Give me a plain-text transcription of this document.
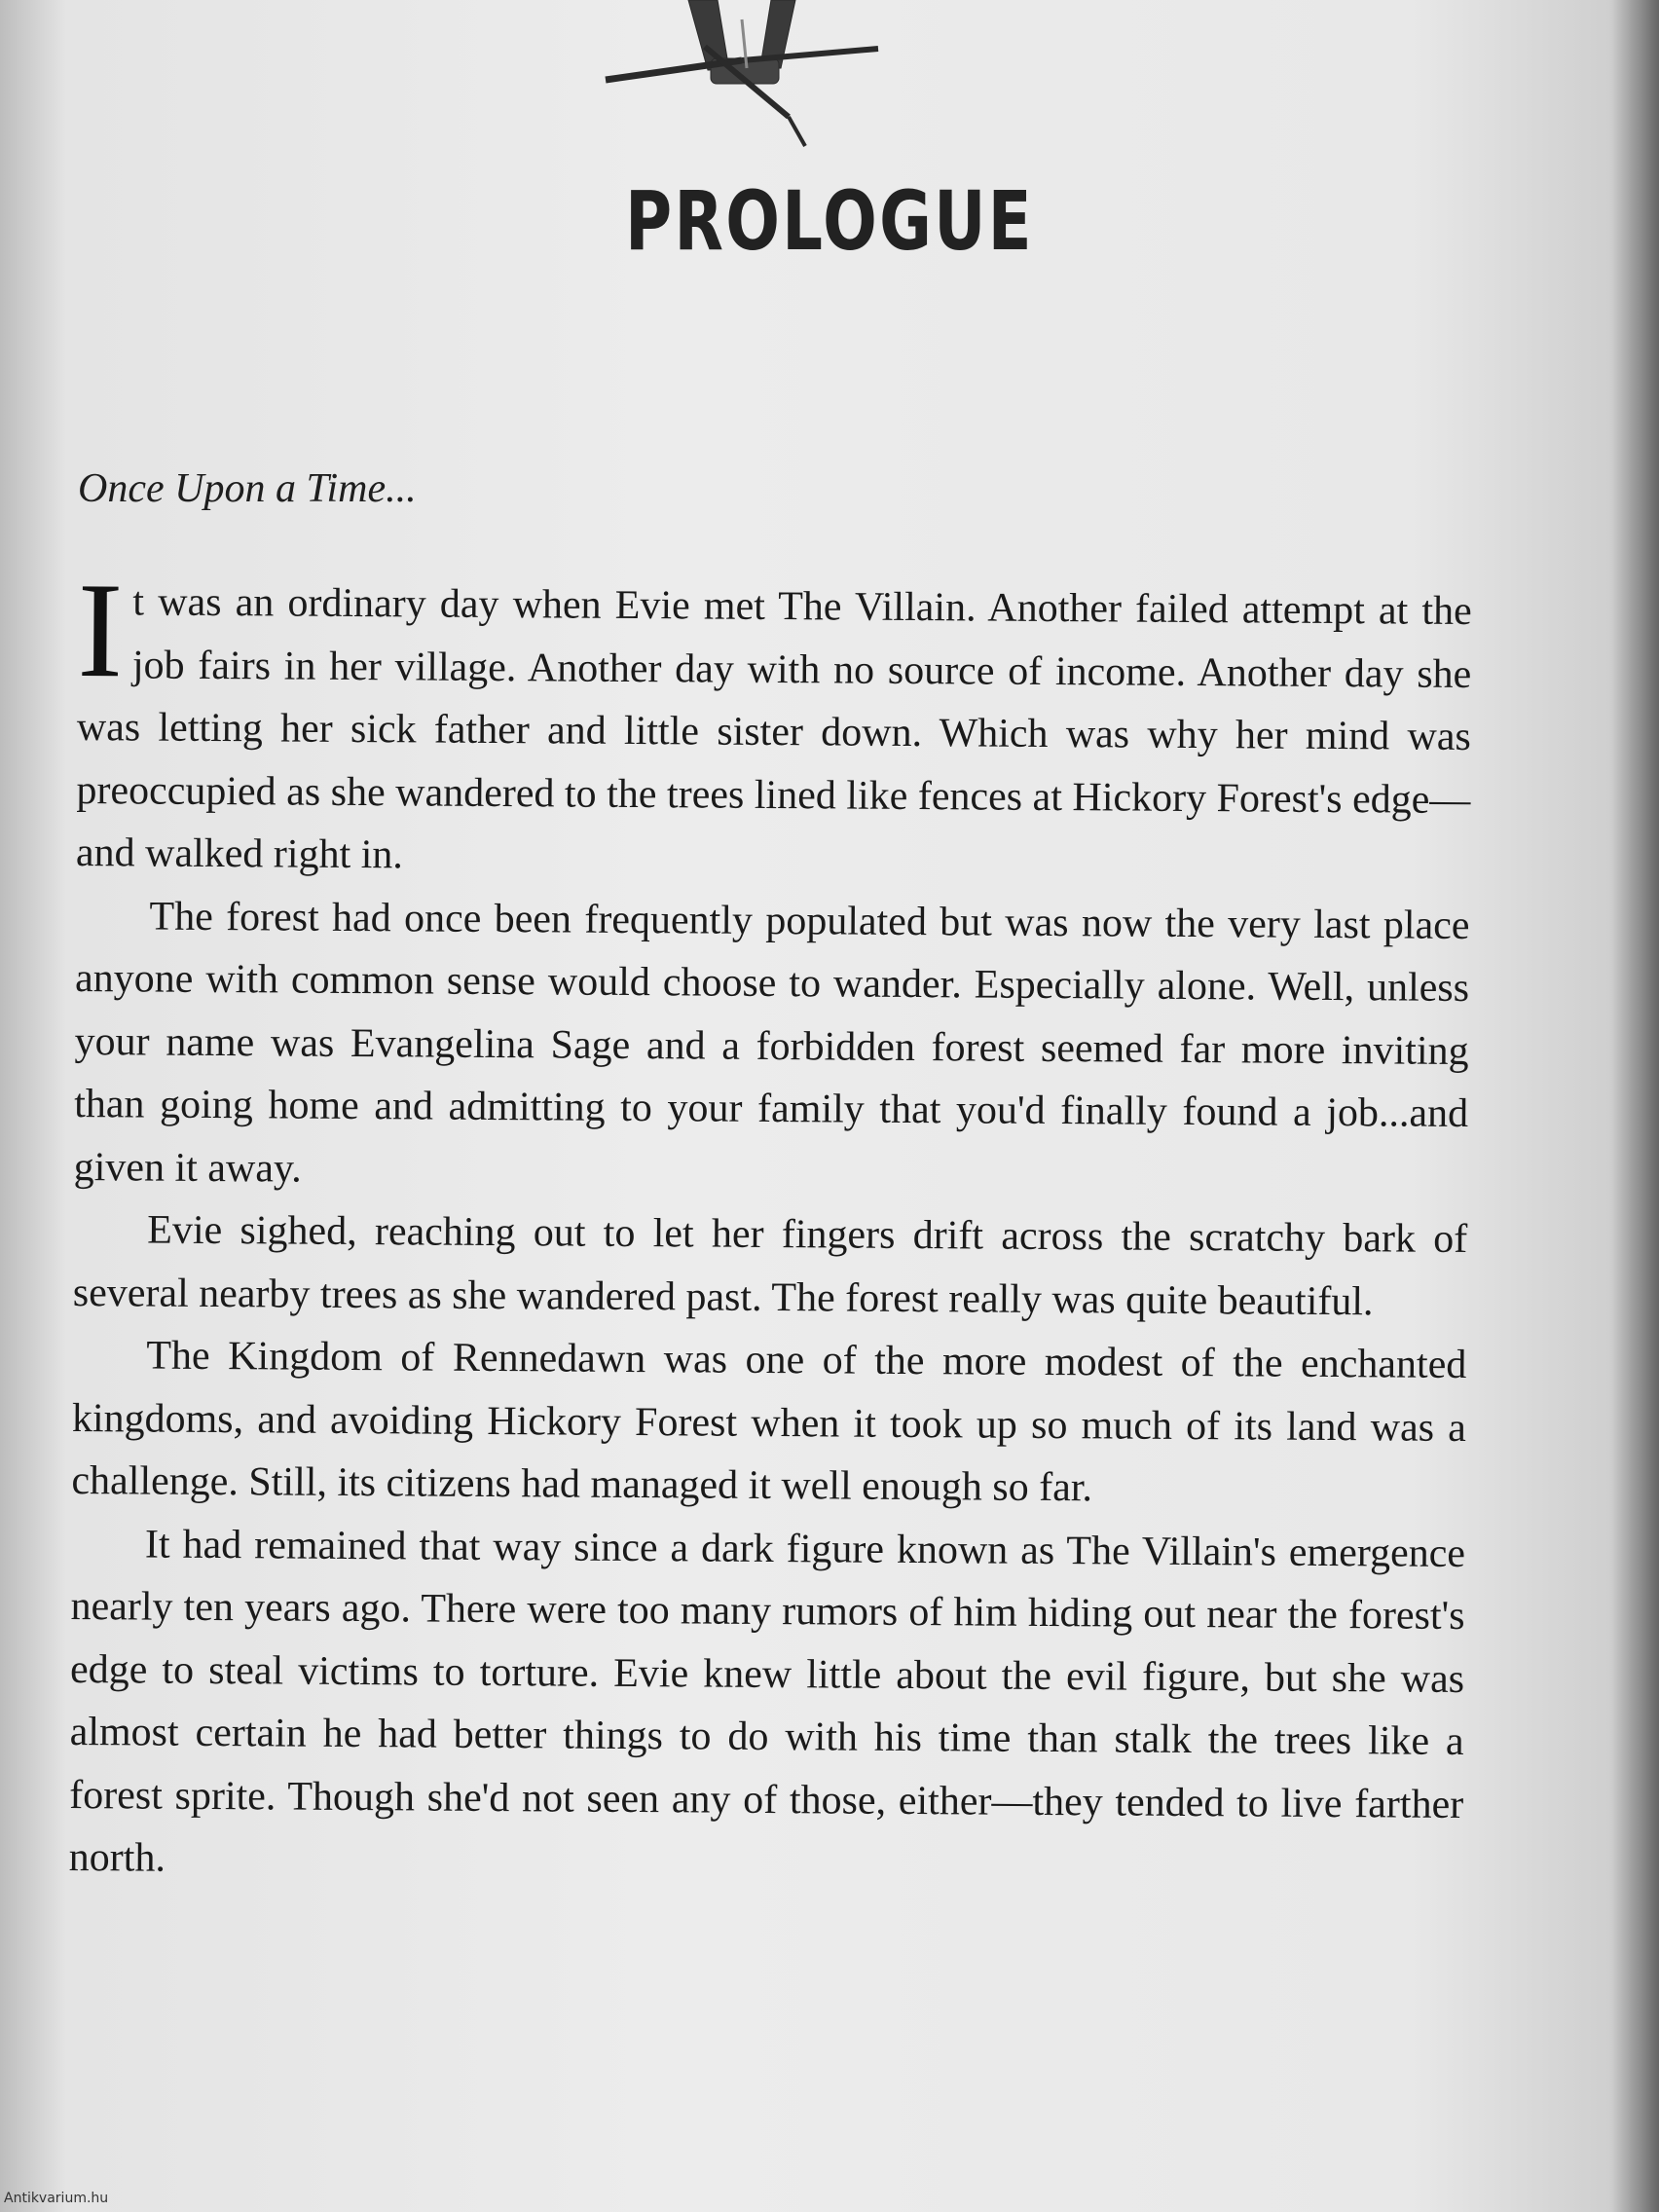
PROLOGUE

Once Upon a Time...

It was an ordinary day when Evie met The Villain. Another failed attempt at the job fairs in her village. Another day with no source of income. Another day she was letting her sick father and little sister down. Which was why her mind was preoccupied as she wandered to the trees lined like fences at Hickory Forest's edge—and walked right in.

The forest had once been frequently populated but was now the very last place anyone with common sense would choose to wander. Especially alone. Well, unless your name was Evangelina Sage and a forbidden forest seemed far more inviting than going home and admitting to your family that you'd finally found a job...and given it away.

Evie sighed, reaching out to let her fingers drift across the scratchy bark of several nearby trees as she wandered past. The forest really was quite beautiful.

The Kingdom of Rennedawn was one of the more modest of the enchanted kingdoms, and avoiding Hickory Forest when it took up so much of its land was a challenge. Still, its citizens had managed it well enough so far.

It had remained that way since a dark figure known as The Villain's emergence nearly ten years ago. There were too many rumors of him hiding out near the forest's edge to steal victims to torture. Evie knew little about the evil figure, but she was almost certain he had better things to do with his time than stalk the trees like a forest sprite. Though she'd not seen any of those, either—they tended to live farther north.

Antikvarium.hu
